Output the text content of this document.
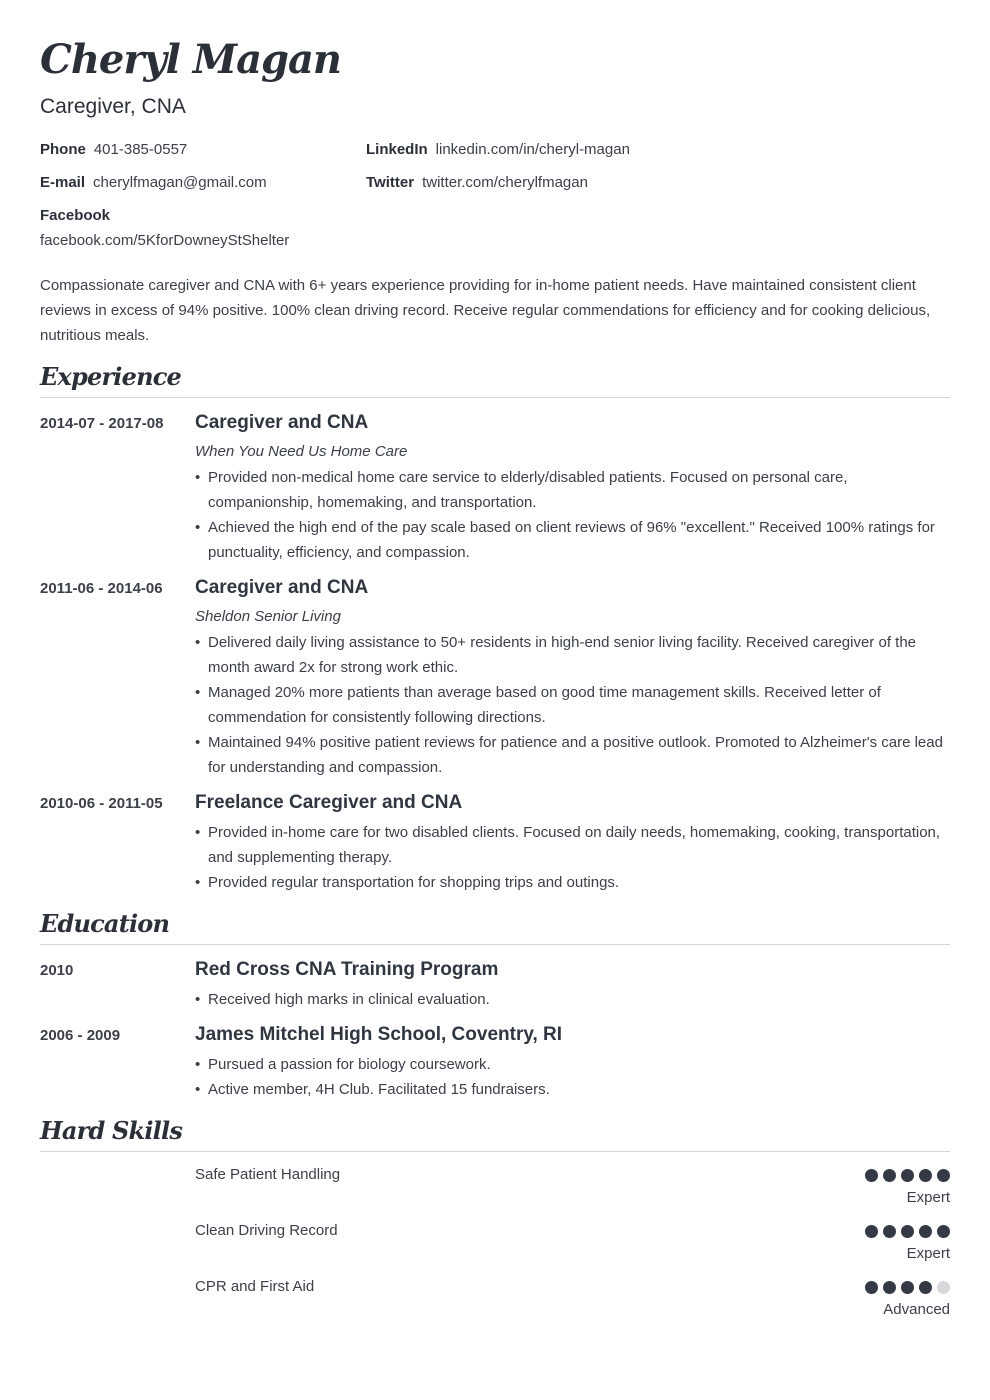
Cheryl Magan
Caregiver, CNA
Phone 401-385-0557
E-mail cherylfmagan@gmail.com
Facebook
facebook.com/5KforDowneyStShelter
LinkedIn linkedin.com/in/cheryl-magan
Twitter twitter.com/cherylfmagan
Compassionate caregiver and CNA with 6+ years experience providing for in-home patient needs. Have maintained consistent client reviews in excess of 94% positive. 100% clean driving record. Receive regular commendations for efficiency and for cooking delicious, nutritious meals.
Experience
2014-07 - 2017-08 Caregiver and CNA
When You Need Us Home Care
• Provided non-medical home care service to elderly/disabled patients. Focused on personal care, companionship, homemaking, and transportation.
• Achieved the high end of the pay scale based on client reviews of 96% "excellent." Received 100% ratings for punctuality, efficiency, and compassion.
2011-06 - 2014-06 Caregiver and CNA
Sheldon Senior Living
• Delivered daily living assistance to 50+ residents in high-end senior living facility. Received caregiver of the month award 2x for strong work ethic.
• Managed 20% more patients than average based on good time management skills. Received letter of commendation for consistently following directions.
• Maintained 94% positive patient reviews for patience and a positive outlook. Promoted to Alzheimer's care lead for understanding and compassion.
2010-06 - 2011-05 Freelance Caregiver and CNA
• Provided in-home care for two disabled clients. Focused on daily needs, homemaking, cooking, transportation, and supplementing therapy.
• Provided regular transportation for shopping trips and outings.
Education
2010	Red Cross CNA Training Program
• Received high marks in clinical evaluation.
2006 - 2009	James Mitchel High School, Coventry, RI
• Pursued a passion for biology coursework.
• Active member, 4H Club. Facilitated 15 fundraisers.
Hard Skills
Safe Patient Handling
Expert
Clean Driving Record
Expert
CPR and First Aid
Advanced
